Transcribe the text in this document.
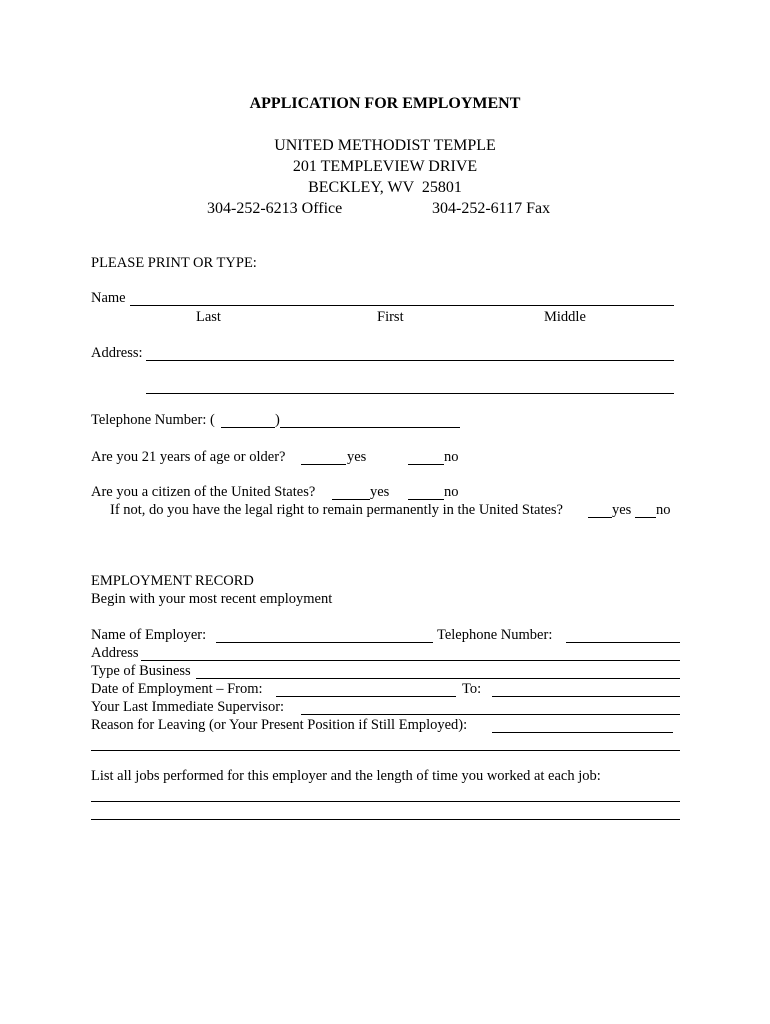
APPLICATION FOR EMPLOYMENT
UNITED METHODIST TEMPLE
201 TEMPLEVIEW DRIVE
BECKLEY, WV  25801
304-252-6213 Office	304-252-6117 Fax
PLEASE PRINT OR TYPE:
Name
Last	First	Middle
Address:
Telephone Number: (	)
Are you 21 years of age or older?	yes	no
Are you a citizen of the United States?	yes	no
If not, do you have the legal right to remain permanently in the United States?	yes no
EMPLOYMENT RECORD
Begin with your most recent employment
Name of Employer:	Telephone Number:
Address
Type of Business
Date of Employment – From:	To:
Your Last Immediate Supervisor:
Reason for Leaving (or Your Present Position if Still Employed):
List all jobs performed for this employer and the length of time you worked at each job:
